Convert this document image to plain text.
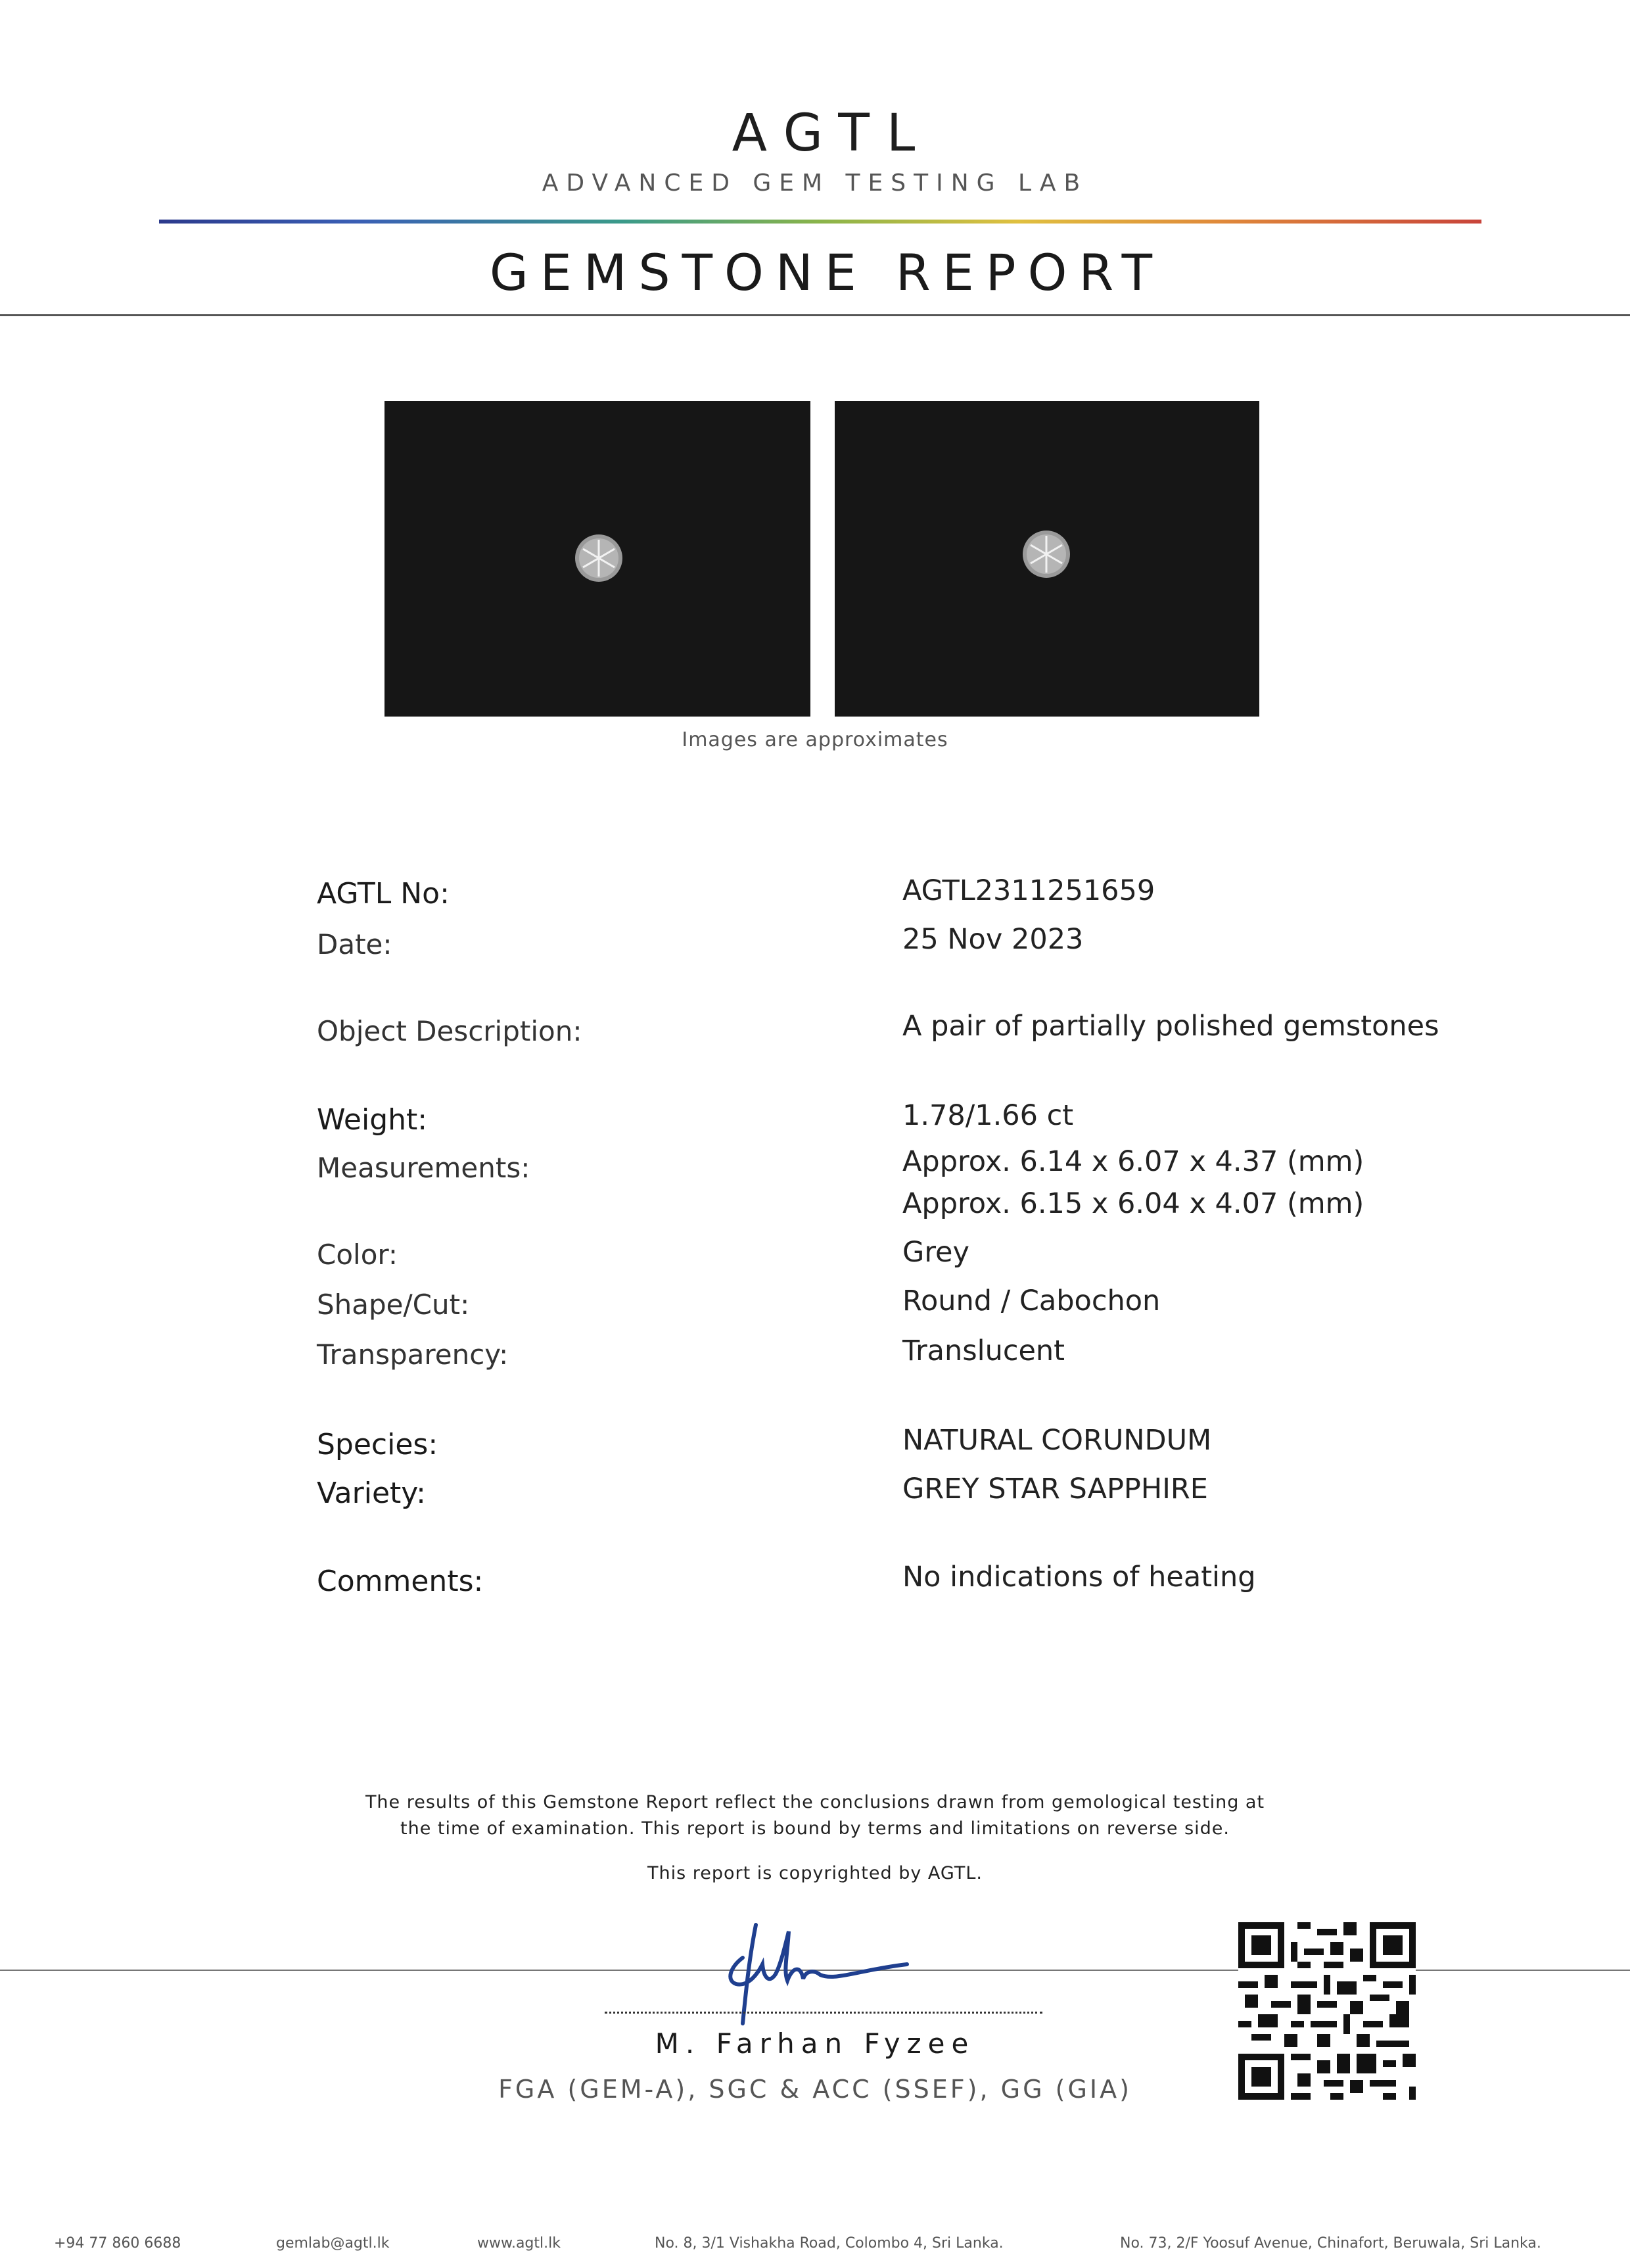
AGTL
ADVANCED GEM TESTING LAB
GEMSTONE REPORT
Images are approximates
AGTL No:	AGTL2311251659
Date:	25 Nov 2023
Object Description:	A pair of partially polished gemstones
Weight:	1.78/1.66 ct
Measurements:	Approx. 6.14 x 6.07 x 4.37 (mm)
Approx. 6.15 x 6.04 x 4.07 (mm)
Color:	Grey
Shape/Cut:	Round / Cabochon
Transparency:	Translucent
Species:	NATURAL CORUNDUM
Variety:	GREY STAR SAPPHIRE
Comments:	No indications of heating
The results of this Gemstone Report reflect the conclusions drawn from gemological testing at
the time of examination. This report is bound by terms and limitations on reverse side.
This report is copyrighted by AGTL.
M. Farhan Fyzee
FGA (GEM-A), SGC & ACC (SSEF), GG (GIA)
+94 77 860 6688	gemlab@agtl.lk	www.agtl.lk	No. 8, 3/1 Vishakha Road, Colombo 4, Sri Lanka.	No. 73, 2/F Yoosuf Avenue, Chinafort, Beruwala, Sri Lanka.
